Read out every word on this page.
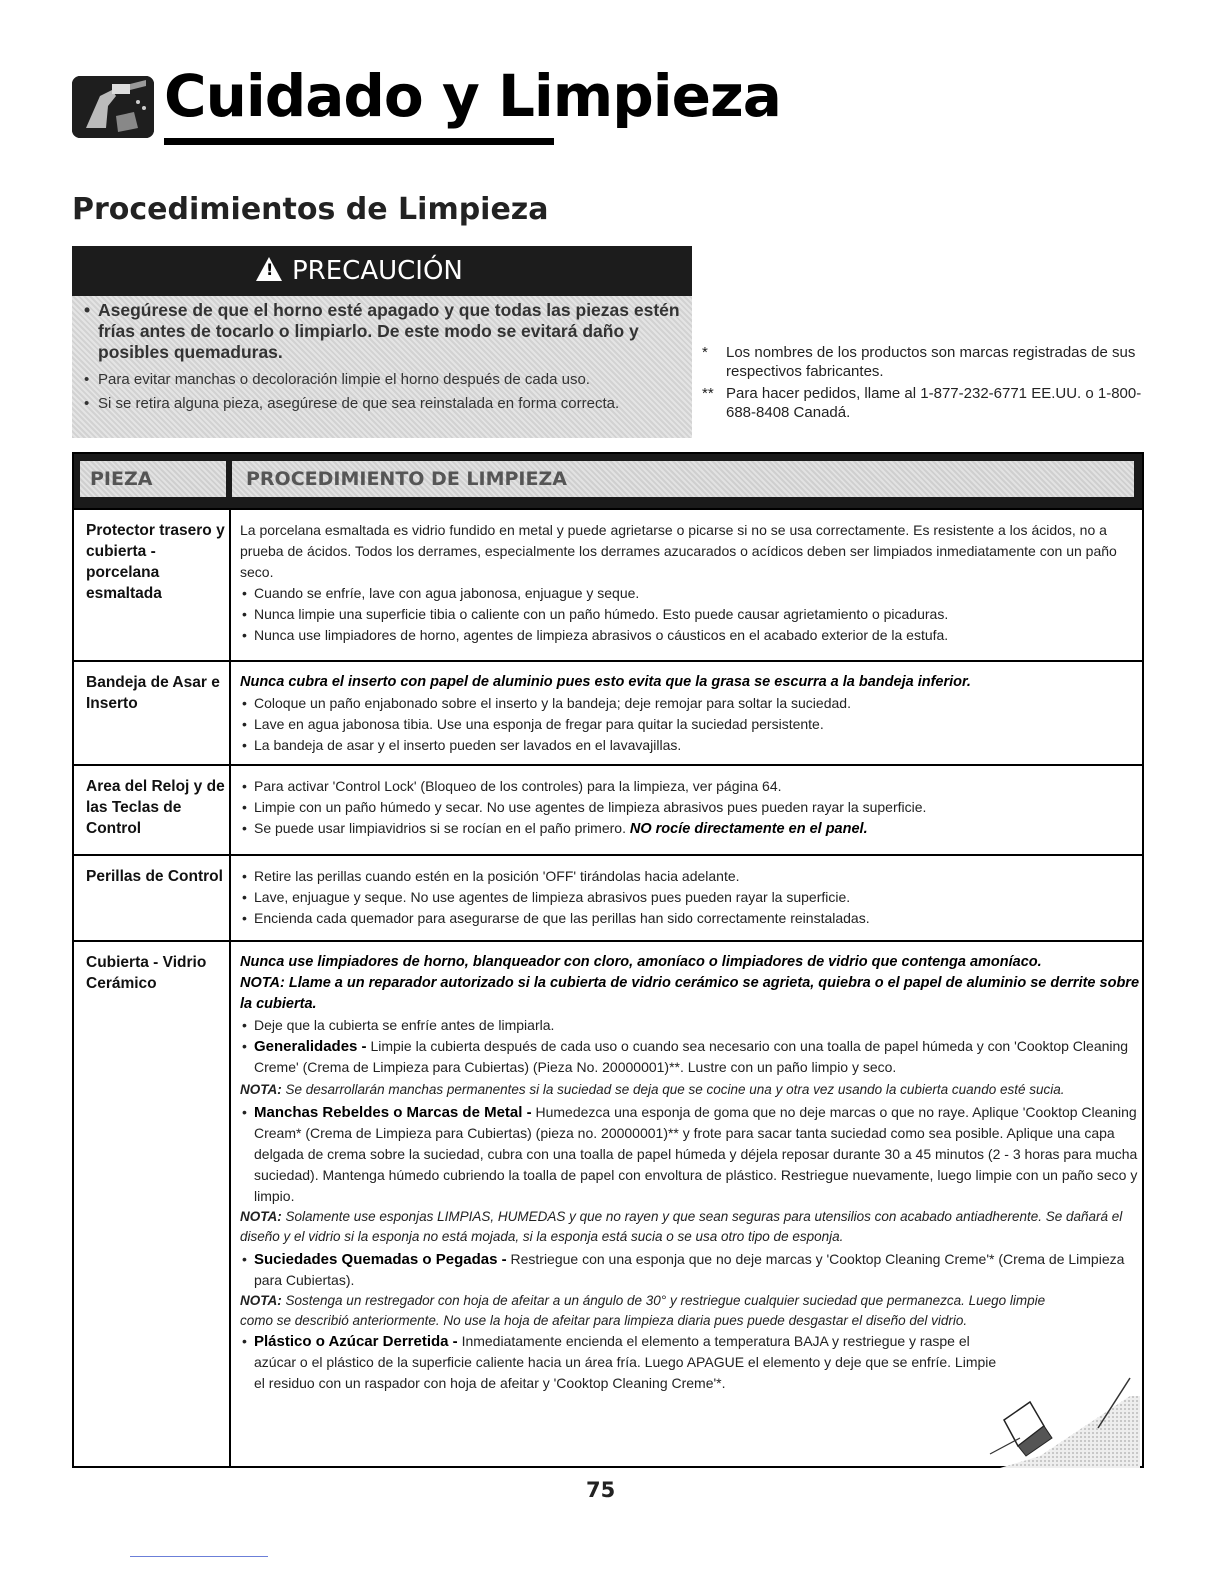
Cuidado y Limpieza
Procedimientos de Limpieza
!PRECAUCIÓN
• Asegúrese de que el horno esté apagado y que todas las piezas estén frías antes de tocarlo o limpiarlo. De este modo se evitará daño y posibles quemaduras.
• Para evitar manchas o decoloración limpie el horno después de cada uso.
• Si se retira alguna pieza, asegúrese de que sea reinstalada en forma correcta.
* Los nombres de los productos son marcas registradas de sus respectivos fabricantes.
** Para hacer pedidos, llame al 1-877-232-6771 EE.UU. o 1-800-688-8408 Canadá.
PIEZA	PROCEDIMIENTO DE LIMPIEZA
Protector trasero y cubierta - porcelana esmaltada

La porcelana esmaltada es vidrio fundido en metal y puede agrietarse o picarse si no se usa correctamente. Es resistente a los ácidos, no a prueba de ácidos. Todos los derrames, especialmente los derrames azucarados o acídicos deben ser limpiados inmediatamente con un paño seco.

• Cuando se enfríe, lave con agua jabonosa, enjuague y seque.
• Nunca limpie una superficie tibia o caliente con un paño húmedo. Esto puede causar agrietamiento o picaduras.
• Nunca use limpiadores de horno, agentes de limpieza abrasivos o cáusticos en el acabado exterior de la estufa.
Bandeja de Asar e Inserto

Nunca cubra el inserto con papel de aluminio pues esto evita que la grasa se escurra a la bandeja inferior.

• Coloque un paño enjabonado sobre el inserto y la bandeja; deje remojar para soltar la suciedad.
• Lave en agua jabonosa tibia. Use una esponja de fregar para quitar la suciedad persistente.
• La bandeja de asar y el inserto pueden ser lavados en el lavavajillas.
Area del Reloj y de las Teclas de Control
• Para activar 'Control Lock' (Bloqueo de los controles) para la limpieza, ver página 64.
• Limpie con un paño húmedo y secar. No use agentes de limpieza abrasivos pues pueden rayar la superficie.
• Se puede usar limpiavidrios si se rocían en el paño primero. NO rocíe directamente en el panel.
Perillas de Control
•	Retire las perillas cuando estén en la posición 'OFF' tirándolas hacia adelante.
• Lave, enjuague y seque. No use agentes de limpieza abrasivos pues pueden rayar la superficie.
• Encienda cada quemador para asegurarse de que las perillas han sido correctamente reinstaladas.
Cubierta - Vidrio Cerámico

Nunca use limpiadores de horno, blanqueador con cloro, amoníaco o limpiadores de vidrio que contenga amoníaco.

NOTA: Llame a un reparador autorizado si la cubierta de vidrio cerámico se agrieta, quiebra o el papel de aluminio se derrite sobre la cubierta.

• Deje que la cubierta se enfríe antes de limpiarla.
• Generalidades - Limpie la cubierta después de cada uso o cuando sea necesario con una toalla de papel húmeda y con 'Cooktop Cleaning Creme' (Crema de Limpieza para Cubiertas) (Pieza No. 20000001)**. Lustre con un paño limpio y seco.

NOTA: Se desarrollarán manchas permanentes si la suciedad se deja que se cocine una y otra vez usando la cubierta cuando esté sucia.

• Manchas Rebeldes o Marcas de Metal - Humedezca una esponja de goma que no deje marcas o que no raye. Aplique 'Cooktop Cleaning Cream* (Crema de Limpieza para Cubiertas) (pieza no. 20000001)** y frote para sacar tanta suciedad como sea posible. Aplique una capa delgada de crema sobre la suciedad, cubra con una toalla de papel húmeda y déjela reposar durante 30 a 45 minutos (2 - 3 horas para mucha suciedad). Mantenga húmedo cubriendo la toalla de papel con envoltura de plástico. Restriegue nuevamente, luego limpie con un paño seco y limpio.

NOTA: Solamente use esponjas LIMPIAS, HUMEDAS y que no rayen y que sean seguras para utensilios con acabado antiadherente. Se dañará el diseño y el vidrio si la esponja no está mojada, si la esponja está sucia o se usa otro tipo de esponja.

• Suciedades Quemadas o Pegadas - Restriegue con una esponja que no deje marcas y 'Cooktop Cleaning Creme'* (Crema de Limpieza para Cubiertas).

NOTA: Sostenga un restregador con hoja de afeitar a un ángulo de 30° y restriegue cualquier suciedad que permanezca. Luego limpie como se describió anteriormente. No use la hoja de afeitar para limpieza diaria pues puede desgastar el diseño del vidrio.

• Plástico o Azúcar Derretida - Inmediatamente encienda el elemento a temperatura BAJA y restriegue y raspe el azúcar o el plástico de la superficie caliente hacia un área fría. Luego APAGUE el elemento y deje que se enfríe. Limpie el residuo con un raspador con hoja de afeitar y 'Cooktop Cleaning Creme'*.
75
